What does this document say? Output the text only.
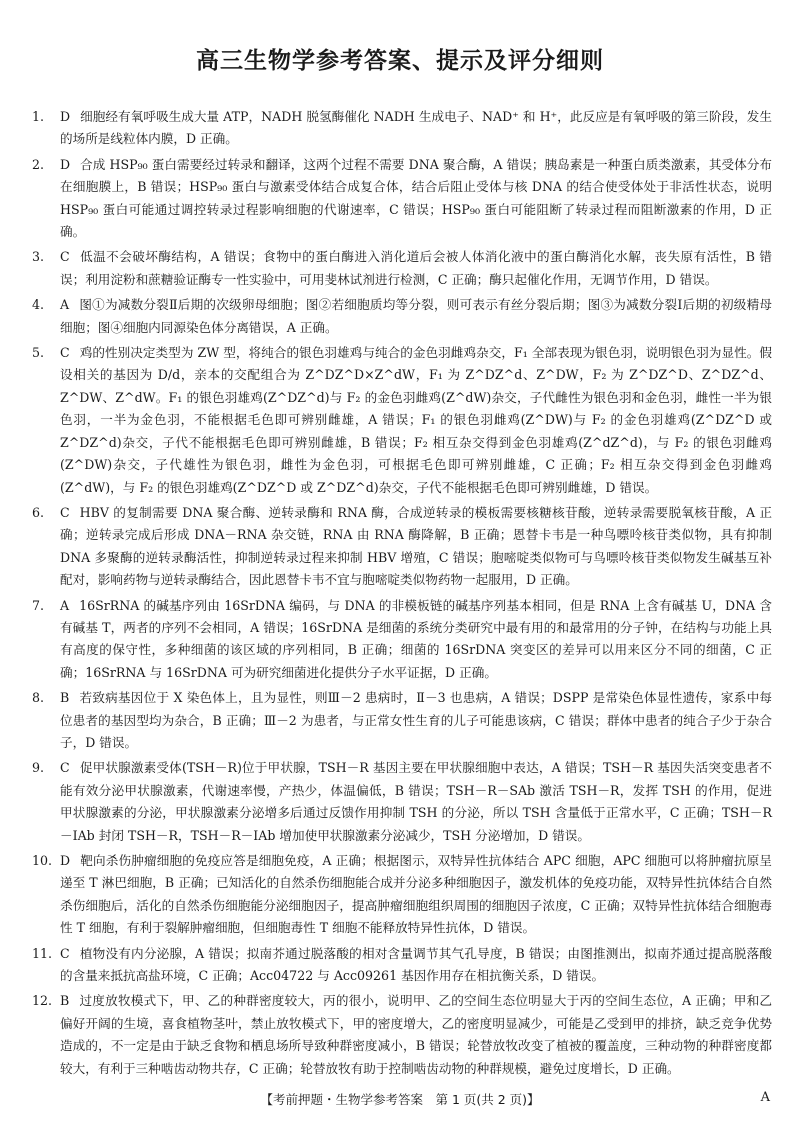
高三生物学参考答案、提示及评分细则
1.	D 细胞经有氧呼吸生成大量 ATP，NADH 脱氢酶催化 NADH 生成电子、NAD⁺ 和 H⁺，此反应是有氧呼吸的第三阶段，发生的场所是线粒体内膜，D 正确。
2.	D 合成 HSP₉₀ 蛋白需要经过转录和翻译，这两个过程不需要 DNA 聚合酶，A 错误；胰岛素是一种蛋白质类激素，其受体分布在细胞膜上，B 错误；HSP₉₀ 蛋白与激素受体结合成复合体，结合后阻止受体与核 DNA 的结合使受体处于非活性状态，说明 HSP₉₀ 蛋白可能通过调控转录过程影响细胞的代谢速率，C 错误；HSP₉₀ 蛋白可能阻断了转录过程而阻断激素的作用，D 正确。
3.	C 低温不会破坏酶结构，A 错误；食物中的蛋白酶进入消化道后会被人体消化液中的蛋白酶消化水解，丧失原有活性，B 错误；利用淀粉和蔗糖验证酶专一性实验中，可用斐林试剂进行检测，C 正确；酶只起催化作用，无调节作用，D 错误。
4.	A 图①为减数分裂Ⅱ后期的次级卵母细胞；图②若细胞质均等分裂，则可表示有丝分裂后期；图③为减数分裂Ⅰ后期的初级精母细胞；图④细胞内同源染色体分离错误，A 正确。
5.	C 鸡的性别决定类型为 ZW 型，将纯合的银色羽雄鸡与纯合的金色羽雌鸡杂交，F₁ 全部表现为银色羽，说明银色羽为显性。假设相关的基因为 D/d，亲本的交配组合为 Z^DZ^D×Z^dW，F₁ 为 Z^DZ^d、Z^DW，F₂ 为 Z^DZ^D、Z^DZ^d、Z^DW、Z^dW。F₁ 的银色羽雄鸡(Z^DZ^d)与 F₂ 的金色羽雌鸡(Z^dW)杂交，子代雌性为银色羽和金色羽，雌性一半为银色羽，一半为金色羽，不能根据毛色即可辨别雌雄，A 错误；F₁ 的银色羽雌鸡(Z^DW)与 F₂ 的金色羽雄鸡(Z^DZ^D 或 Z^DZ^d)杂交，子代不能根据毛色即可辨别雌雄，B 错误；F₂ 相互杂交得到金色羽雄鸡(Z^dZ^d)，与 F₂ 的银色羽雌鸡(Z^DW)杂交，子代雄性为银色羽，雌性为金色羽，可根据毛色即可辨别雌雄，C 正确；F₂ 相互杂交得到金色羽雌鸡(Z^dW)，与 F₂ 的银色羽雄鸡(Z^DZ^D 或 Z^DZ^d)杂交，子代不能根据毛色即可辨别雌雄，D 错误。
6.	C HBV 的复制需要 DNA 聚合酶、逆转录酶和 RNA 酶，合成逆转录的模板需要核糖核苷酸，逆转录需要脱氧核苷酸，A 正确；逆转录完成后形成 DNA－RNA 杂交链，RNA 由 RNA 酶降解，B 正确；恩替卡韦是一种鸟嘌呤核苷类似物，具有抑制 DNA 多聚酶的逆转录酶活性，抑制逆转录过程来抑制 HBV 增殖，C 错误；胞嘧啶类似物可与鸟嘌呤核苷类似物发生碱基互补配对，影响药物与逆转录酶结合，因此恩替卡韦不宜与胞嘧啶类似物药物一起服用，D 正确。
7.	A 16SrRNA 的碱基序列由 16SrDNA 编码，与 DNA 的非模板链的碱基序列基本相同，但是 RNA 上含有碱基 U，DNA 含有碱基 T，两者的序列不会相同，A 错误；16SrDNA 是细菌的系统分类研究中最有用的和最常用的分子钟，在结构与功能上具有高度的保守性，多种细菌的该区域的序列相同，B 正确；细菌的 16SrDNA 突变区的差异可以用来区分不同的细菌，C 正确；16SrRNA 与 16SrDNA 可为研究细菌进化提供分子水平证据，D 正确。
8.	B 若致病基因位于 X 染色体上，且为显性，则Ⅲ－2 患病时，Ⅱ－3 也患病，A 错误；DSPP 是常染色体显性遗传，家系中每位患者的基因型均为杂合，B 正确；Ⅲ－2 为患者，与正常女性生育的儿子可能患该病，C 错误；群体中患者的纯合子少于杂合子，D 错误。
9.	C 促甲状腺激素受体(TSH－R)位于甲状腺，TSH－R 基因主要在甲状腺细胞中表达，A 错误；TSH－R 基因失活突变患者不能有效分泌甲状腺激素，代谢速率慢，产热少，体温偏低，B 错误；TSH－R－SAb 激活 TSH－R，发挥 TSH 的作用，促进甲状腺激素的分泌，甲状腺激素分泌增多后通过反馈作用抑制 TSH 的分泌，所以 TSH 含量低于正常水平，C 正确；TSH－R－IAb 封闭 TSH－R，TSH－R－IAb 增加使甲状腺激素分泌减少，TSH 分泌增加，D 错误。
10. D 靶向杀伤肿瘤细胞的免疫应答是细胞免疫，A 正确；根据图示，双特异性抗体结合 APC 细胞，APC 细胞可以将肿瘤抗原呈递至 T 淋巴细胞，B 正确；已知活化的自然杀伤细胞能合成并分泌多种细胞因子，激发机体的免疫功能，双特异性抗体结合自然杀伤细胞后，活化的自然杀伤细胞能分泌细胞因子，提高肿瘤细胞组织周围的细胞因子浓度，C 正确；双特异性抗体结合细胞毒性 T 细胞，有利于裂解肿瘤细胞，但细胞毒性 T 细胞不能释放特异性抗体，D 错误。
11. C 植物没有内分泌腺，A 错误；拟南芥通过脱落酸的相对含量调节其气孔导度，B 错误；由图推测出，拟南芥通过提高脱落酸的含量来抵抗高盐环境，C 正确；Acc04722 与 Acc09261 基因作用存在相抗衡关系，D 错误。
12. B 过度放牧模式下，甲、乙的种群密度较大，丙的很小，说明甲、乙的空间生态位明显大于丙的空间生态位，A 正确；甲和乙偏好开阔的生境，喜食植物茎叶，禁止放牧模式下，甲的密度增大，乙的密度明显减少，可能是乙受到甲的排挤，缺乏竞争优势造成的，不一定是由于缺乏食物和栖息场所导致种群密度减小，B 错误；轮替放牧改变了植被的覆盖度，三种动物的种群密度都较大，有利于三种啮齿动物共存，C 正确；轮替放牧有助于控制啮齿动物的种群规模，避免过度增长，D 正确。
【考前押题・生物学参考答案　第 1 页(共 2 页)】	A
